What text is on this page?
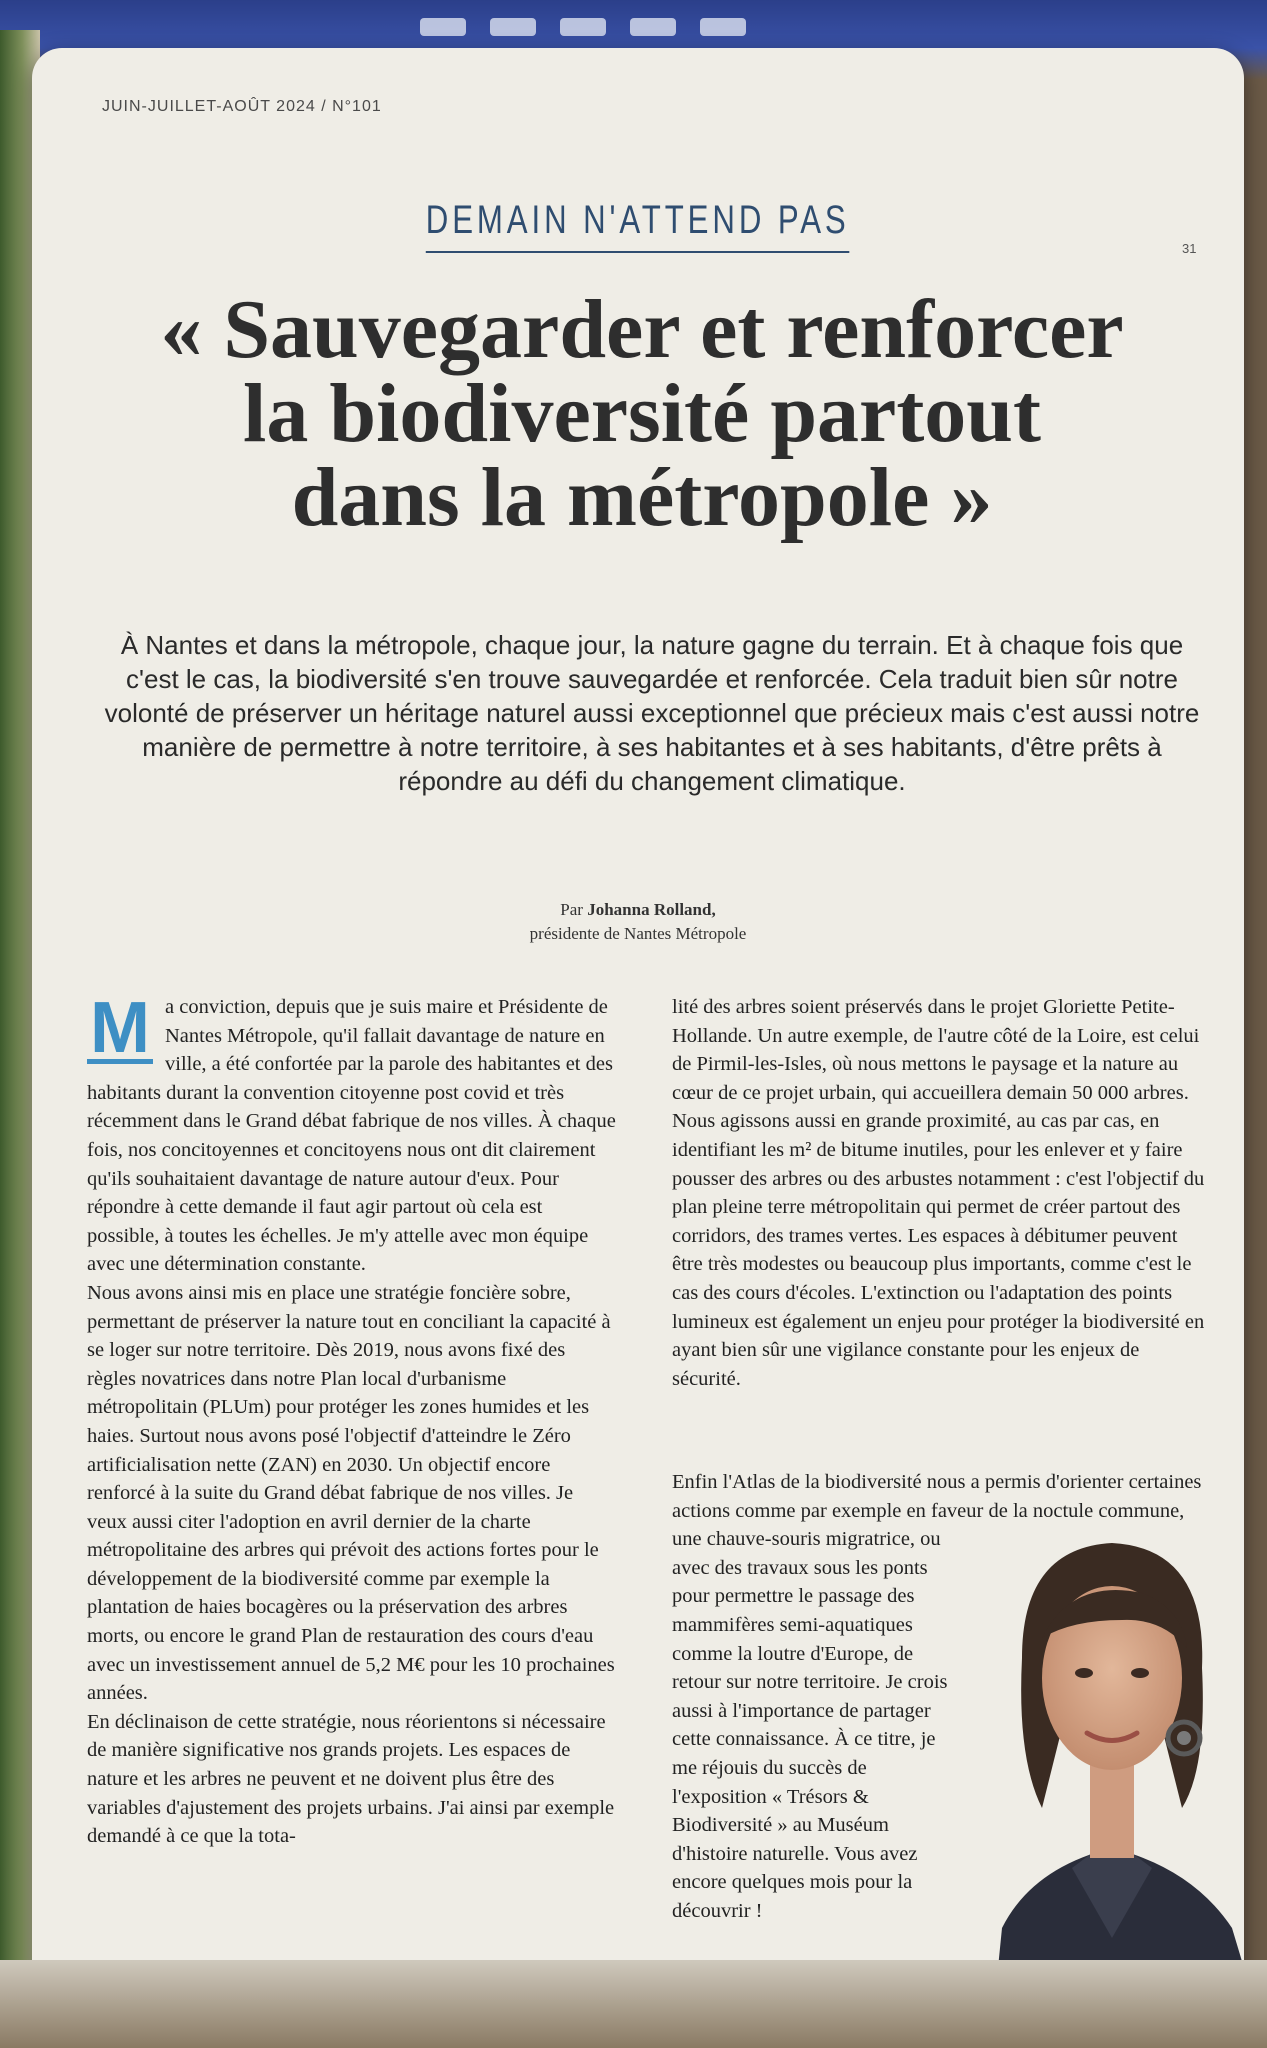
JUIN-JUILLET-AOÛT 2024 / N°101
31
DEMAIN N'ATTEND PAS
« Sauvegarder et renforcer
la biodiversité partout
dans la métropole »

À Nantes et dans la métropole, chaque jour, la nature gagne du terrain. Et à chaque fois que c'est le cas, la biodiversité s'en trouve sauvegardée et renforcée. Cela traduit bien sûr notre volonté de préserver un héritage naturel aussi exceptionnel que précieux mais c'est aussi notre manière de permettre à notre territoire, à ses habitantes et à ses habitants, d'être prêts à répondre au défi du changement climatique.

Par Johanna Rolland,
présidente de Nantes Métropole
M a conviction, depuis que je suis maire et Présidente de Nantes Métropole, qu'il fallait davantage de nature en ville, a été confortée par la parole des habitantes et des habitants durant la convention citoyenne post covid et très récemment dans le Grand débat fabrique de nos villes. À chaque fois, nos concitoyennes et concitoyens nous ont dit clairement qu'ils souhaitaient davantage de nature autour d'eux. Pour répondre à cette demande il faut agir partout où cela est possible, à toutes les échelles. Je m'y attelle avec mon équipe avec une détermination constante.

Nous avons ainsi mis en place une stratégie foncière sobre, permettant de préserver la nature tout en conciliant la capacité à se loger sur notre territoire. Dès 2019, nous avons fixé des règles novatrices dans notre Plan local d'urbanisme métropolitain (PLUm) pour protéger les zones humides et les haies. Surtout nous avons posé l'objectif d'atteindre le Zéro artificialisation nette (ZAN) en 2030. Un objectif encore renforcé à la suite du Grand débat fabrique de nos villes. Je veux aussi citer l'adoption en avril dernier de la charte métropolitaine des arbres qui prévoit des actions fortes pour le développement de la biodiversité comme par exemple la plantation de haies bocagères ou la préservation des arbres morts, ou encore le grand Plan de restauration des cours d'eau avec un investissement annuel de 5,2 M€ pour les 10 prochaines années.

En déclinaison de cette stratégie, nous réorientons si nécessaire de manière significative nos grands projets. Les espaces de nature et les arbres ne peuvent et ne doivent plus être des variables d'ajustement des projets urbains. J'ai ainsi par exemple demandé à ce que la tota-

lité des arbres soient préservés dans le projet Gloriette Petite-Hollande. Un autre exemple, de l'autre côté de la Loire, est celui de Pirmil-les-Isles, où nous mettons le paysage et la nature au cœur de ce projet urbain, qui accueillera demain 50 000 arbres.

Nous agissons aussi en grande proximité, au cas par cas, en identifiant les m² de bitume inutiles, pour les enlever et y faire pousser des arbres ou des arbustes notamment : c'est l'objectif du plan pleine terre métropolitain qui permet de créer partout des corridors, des trames vertes. Les espaces à débitumer peuvent être très modestes ou beaucoup plus importants, comme c'est le cas des cours d'écoles. L'extinction ou l'adaptation des points lumineux est également un enjeu pour protéger la biodiversité en ayant bien sûr une vigilance constante pour les enjeux de sécurité.

Enfin l'Atlas de la biodiversité nous a permis d'orienter certaines actions comme par exemple en faveur de la noctule commune, une chauve-souris migratrice, ou avec des travaux sous les ponts pour permettre le passage des mammifères semi-aquatiques comme la loutre d'Europe, de retour sur notre territoire. Je crois aussi à l'importance de partager cette connaissance. À ce titre, je me réjouis du succès de l'exposition « Trésors & Biodiversité » au Muséum d'histoire naturelle. Vous avez encore quelques mois pour la découvrir !
